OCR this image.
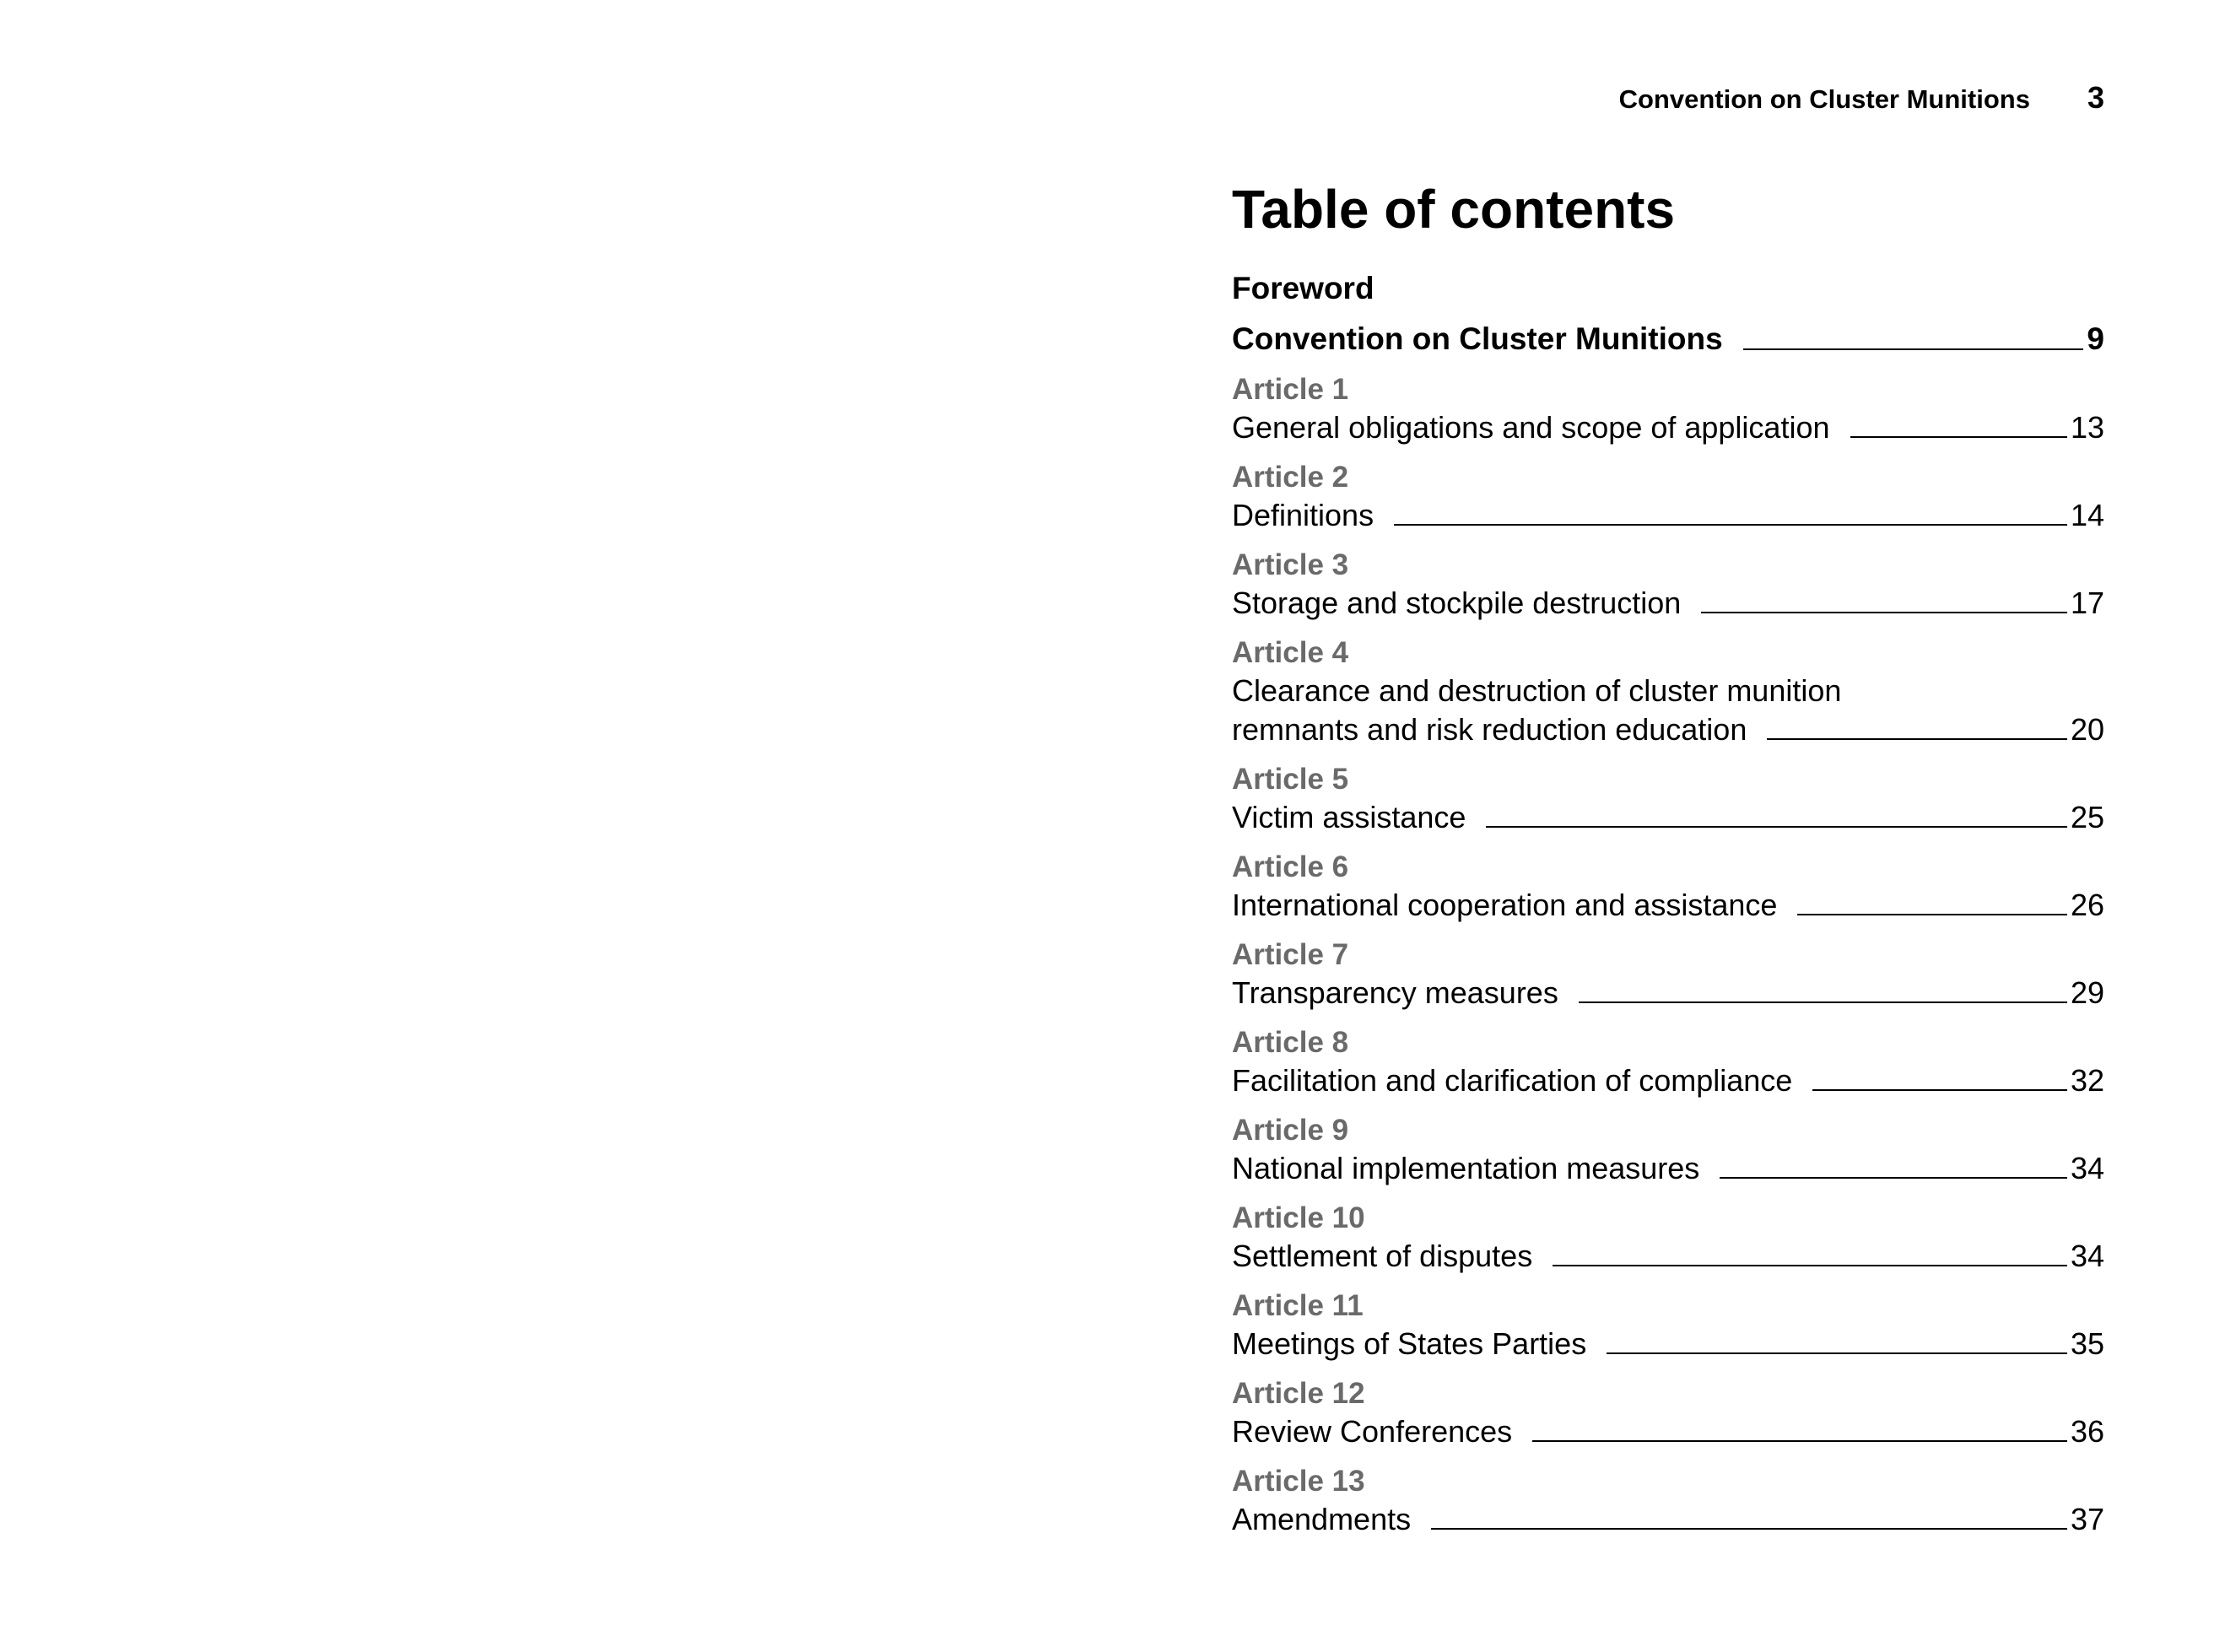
Convention on Cluster Munitions 3
Table of contents
Foreword
Convention on Cluster Munitions	9
Article 1
General obligations and scope of application	13
Article 2
Definitions	14
Article 3
Storage and stockpile destruction	17
Article 4
Clearance and destruction of cluster munition
remnants and risk reduction education	20
Article 5
Victim assistance	25
Article 6
International cooperation and assistance	26
Article 7
Transparency measures	29
Article 8
Facilitation and clarification of compliance	32
Article 9
National implementation measures	34
Article 10
Settlement of disputes	34
Article 11
Meetings of States Parties	35
Article 12
Review Conferences	36
Article 13
Amendments	37
